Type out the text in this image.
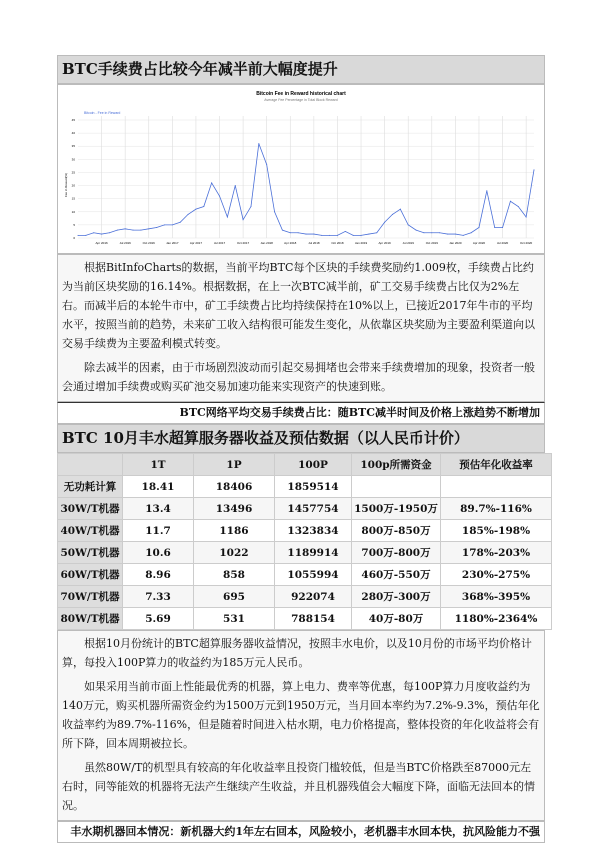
BTC手续费占比较今年减半前大幅度提升
Bitcoin Fee in Reward historical chart
Average Fee Percentage in Total Block Reward
Bitcoin - Fee in Reward
Fee in Reward(%)
0
5
10
15
20
25
30
35
40
45
Apr 2016	Jul 2016	Oct 2016	Jan 2017	Apr 2017	Jul 2017	Oct 2017	Jan 2018	Apr 2018	Jul 2018	Oct 2018	Jan 2019	Apr 2019	Jul 2019	Oct 2019	Jan 2020	Apr 2020	Jul 2020	Oct 2020

根据BitInfoCharts的数据，当前平均BTC每个区块的手续费奖励约1.009枚，手续费占比约为当前区块奖励的16.14%。根据数据，在上一次BTC减半前，矿工交易手续费占比仅为2%左右。而减半后的本轮牛市中，矿工手续费占比均持续保持在10%以上，已接近2017年牛市的平均水平，按照当前的趋势，未来矿工收入结构很可能发生变化，从依靠区块奖励为主要盈利渠道向以交易手续费为主要盈利模式转变。

除去减半的因素，由于市场剧烈波动而引起交易拥堵也会带来手续费增加的现象，投资者一般会通过增加手续费或购买矿池交易加速功能来实现资产的快速到账。

BTC网络平均交易手续费占比：随BTC减半时间及价格上涨趋势不断增加
BTC 10月丰水超算服务器收益及预估数据（以人民币计价）
	1T	1P	100P	100p所需资金	预估年化收益率
无功耗计算	18.41	18406	1859514		
30W/T机器	13.4	13496	1457754	1500万-1950万	89.7%-116%
40W/T机器	11.7	1186	1323834	800万-850万	185%-198%
50W/T机器	10.6	1022	1189914	700万-800万	178%-203%
60W/T机器	8.96	858	1055994	460万-550万	230%-275%
70W/T机器	7.33	695	922074	280万-300万	368%-395%
80W/T机器	5.69	531	788154	40万-80万	1180%-2364%

根据10月份统计的BTC超算服务器收益情况，按照丰水电价，以及10月份的市场平均价格计算，每投入100P算力的收益约为185万元人民币。

如果采用当前市面上性能最优秀的机器，算上电力、费率等优惠，每100P算力月度收益约为140万元，购买机器所需资金约为1500万元到1950万元，当月回本率约为7.2%-9.3%，预估年化收益率约为89.7%-116%，但是随着时间进入枯水期，电力价格提高，整体投资的年化收益将会有所下降，回本周期被拉长。

虽然80W/T的机型具有较高的年化收益率且投资门槛较低，但是当BTC价格跌至87000元左右时，同等能效的机器将无法产生继续产生收益，并且机器残值会大幅度下降，面临无法回本的情况。

丰水期机器回本情况：新机器大约1年左右回本，风险较小，老机器丰水回本快，抗风险能力不强
